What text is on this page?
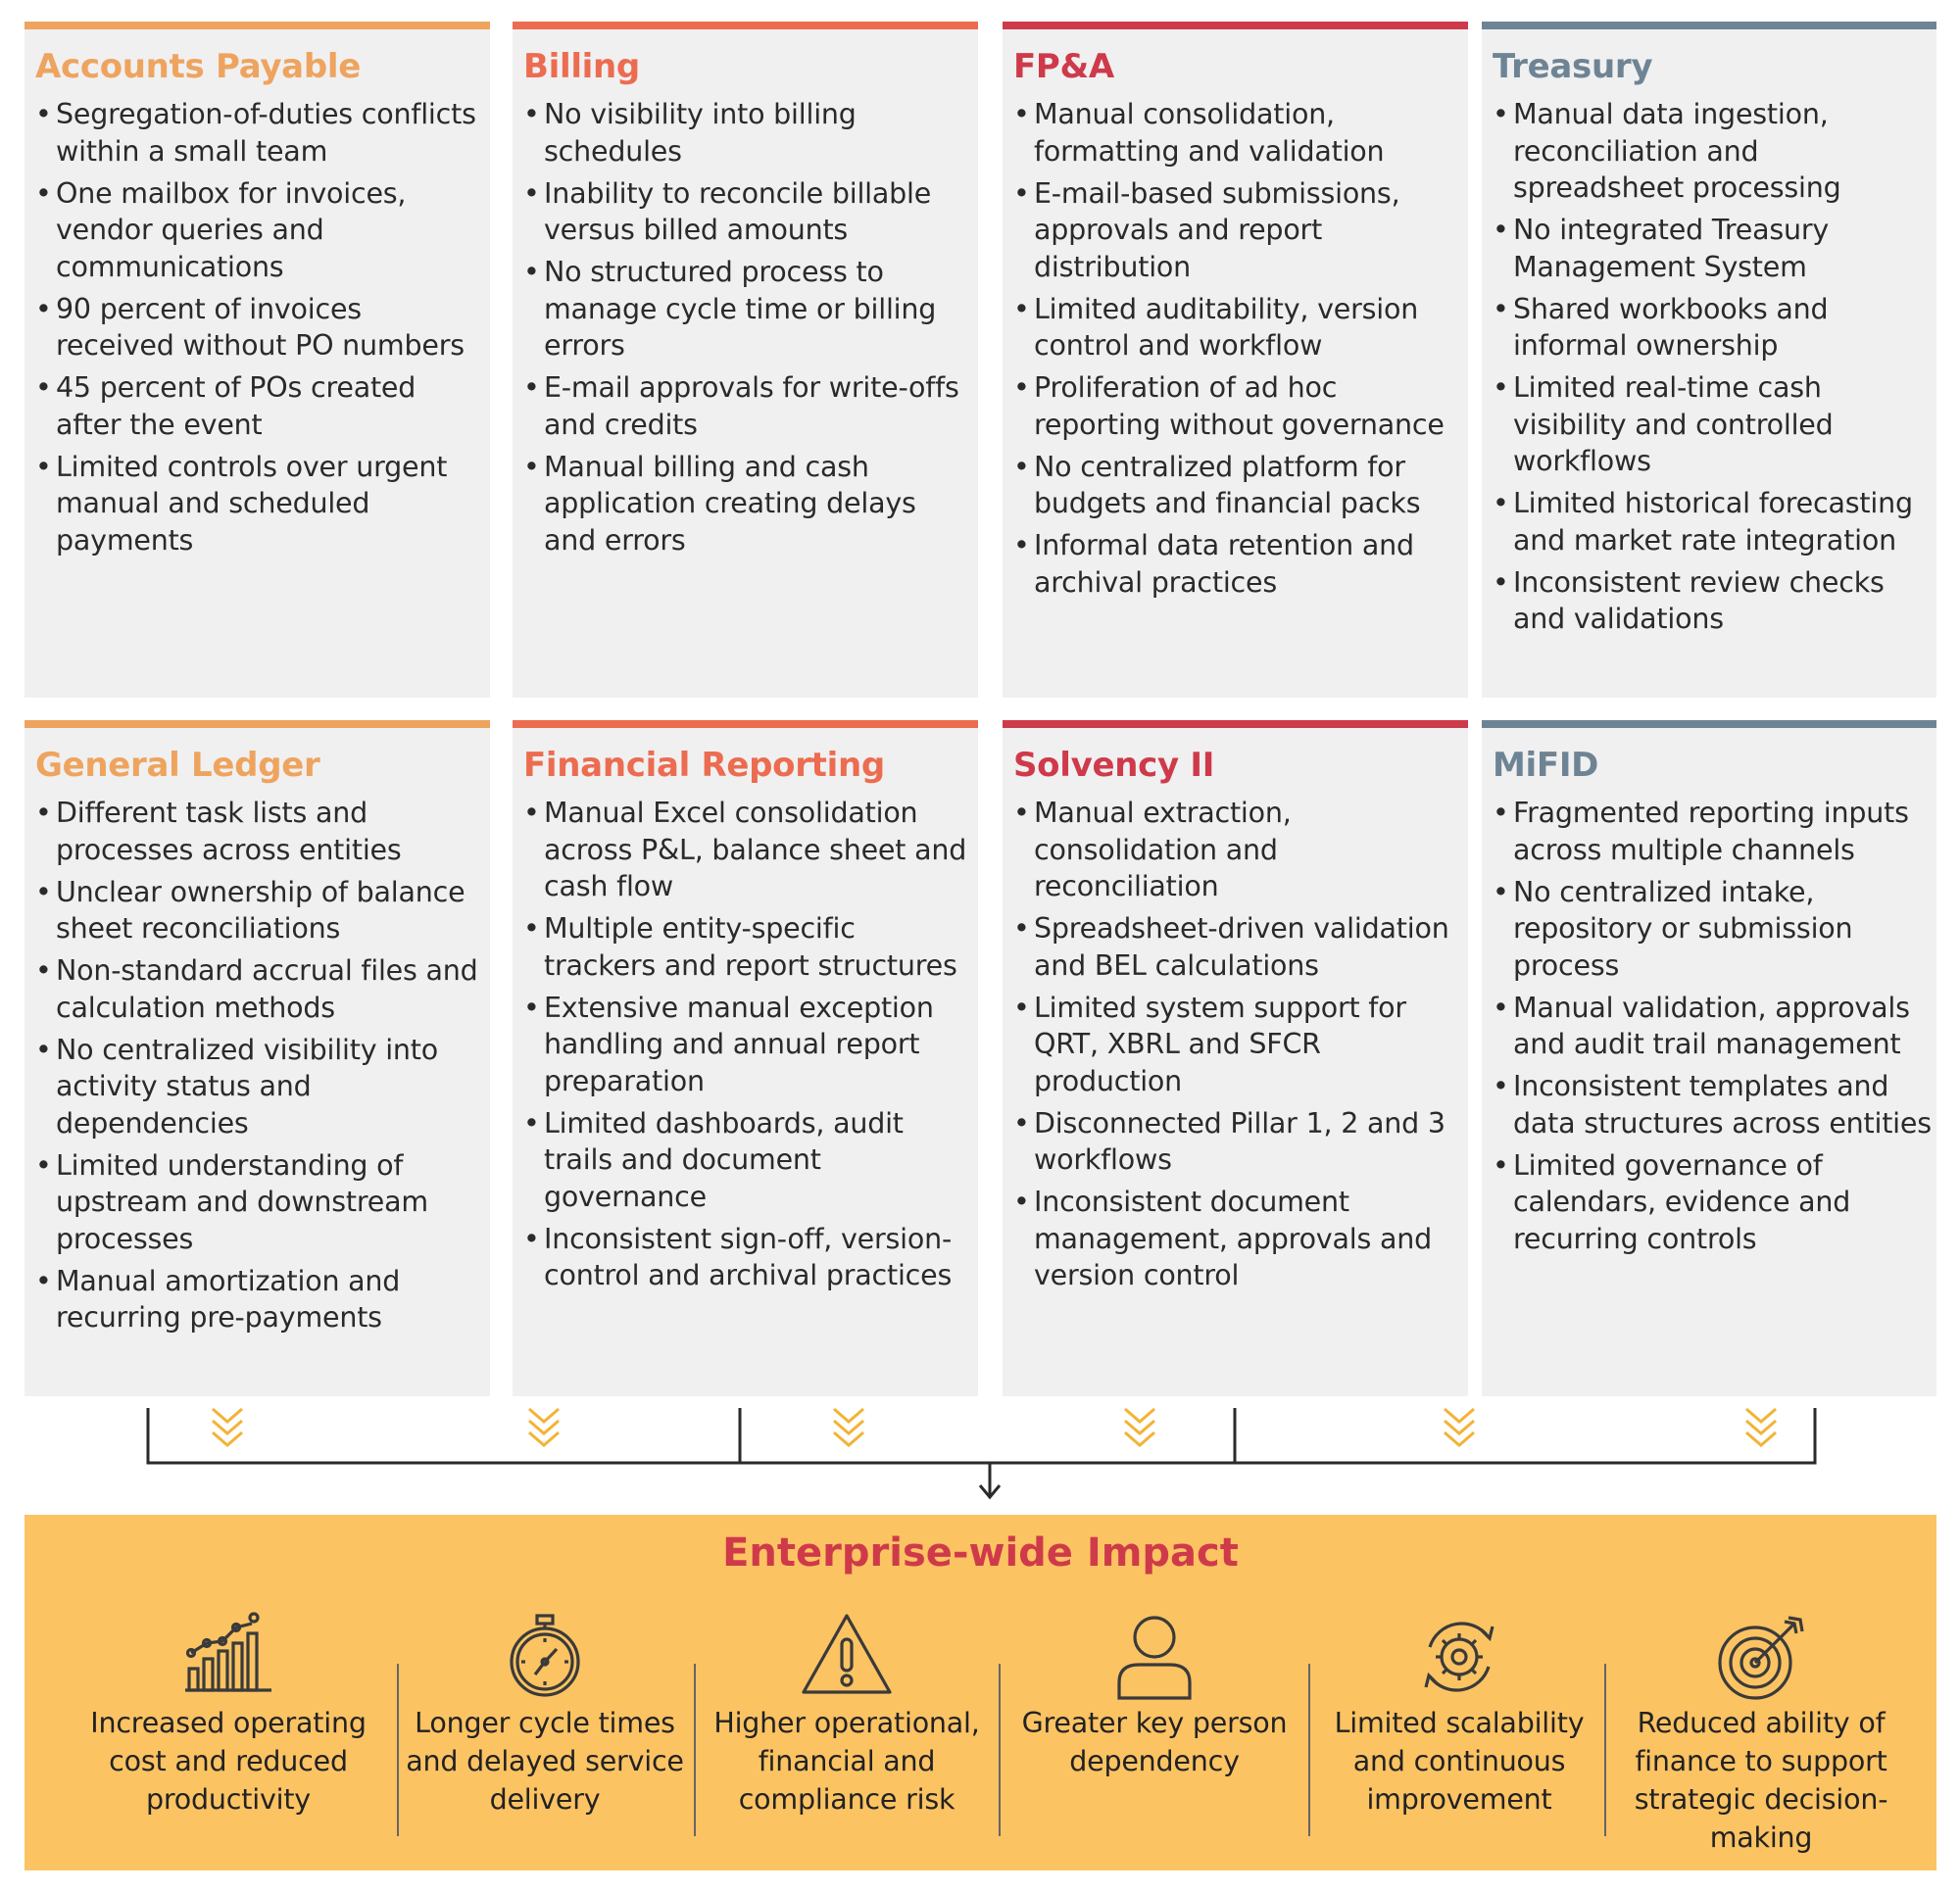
Accounts Payable
• Segregation-of-duties conflicts within a small team
• One mailbox for invoices, vendor queries and communications
• 90 percent of invoices received without PO numbers
• 45 percent of POs created after the event
• Limited controls over urgent manual and scheduled payments
Billing
• No visibility into billing schedules
• Inability to reconcile billable versus billed amounts
• No structured process to manage cycle time or billing errors
• E-mail approvals for write-offs and credits
• Manual billing and cash application creating delays and errors
FP&A
• Manual consolidation, formatting and validation
• E-mail-based submissions, approvals and report distribution
• Limited auditability, version control and workflow
• Proliferation of ad hoc reporting without governance
• No centralized platform for budgets and financial packs
• Informal data retention and archival practices
Treasury
• Manual data ingestion, reconciliation and spreadsheet processing
• No integrated Treasury Management System
• Shared workbooks and informal ownership
• Limited real-time cash visibility and controlled workflows
• Limited historical forecasting and market rate integration
• Inconsistent review checks and validations
General Ledger
• Different task lists and processes across entities
• Unclear ownership of balance sheet reconciliations
• Non-standard accrual files and calculation methods
• No centralized visibility into activity status and dependencies
• Limited understanding of upstream and downstream processes
• Manual amortization and recurring pre-payments
Financial Reporting
• Manual Excel consolidation across P&L, balance sheet and cash flow
• Multiple entity-specific trackers and report structures
• Extensive manual exception handling and annual report preparation
• Limited dashboards, audit trails and document governance
• Inconsistent sign-off, version-control and archival practices
Solvency II
• Manual extraction, consolidation and reconciliation
• Spreadsheet-driven validation and BEL calculations
• Limited system support for QRT, XBRL and SFCR production
• Disconnected Pillar 1, 2 and 3 workflows
• Inconsistent document management, approvals and version control
MiFID
• Fragmented reporting inputs across multiple channels
• No centralized intake, repository or submission process
• Manual validation, approvals and audit trail management
• Inconsistent templates and data structures across entities
• Limited governance of calendars, evidence and recurring controls
Enterprise-wide Impact
Increased operating cost and reduced productivity
Longer cycle times and delayed service delivery
Higher operational, financial and compliance risk
Greater key person dependency
Limited scalability and continuous improvement
Reduced ability of finance to support strategic decision-making
